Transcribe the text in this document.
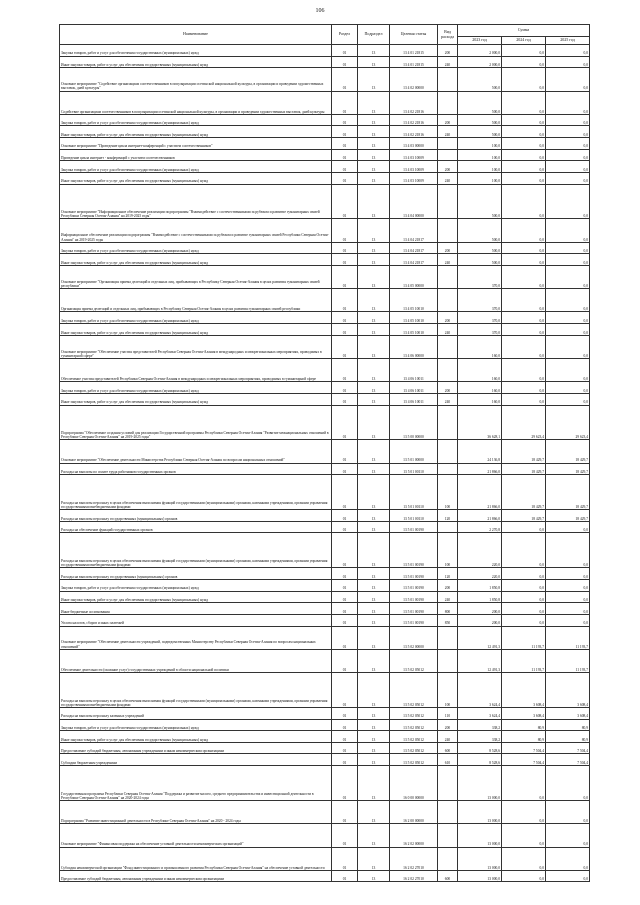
106
Наименование	Раздел	Подраздел	Целевая статья	Вид расхода	Сумма		
					2023 год	2024 год	2025 год
Закупка товаров, работ и услуг для обеспечения государственных (муниципальных) нужд	01	13	13 4 01 21815	200	2 000,0	0,0	0,0
Иные закупки товаров, работ и услуг для обеспечения государственных (муниципальных) нужд	01	13	13 4 01 21815	240	2 000,0	0,0	0,0
Основное мероприятие "Содействие организациям соотечественников в популяризации осетинской национальной культуры, в организации и проведении художественных выставок, дней культуры"	01	13	13 4 02 00000		500,0	0,0	0,0
Содействие организациям соотечественников в популяризации осетинской национальной культуры, в организации и проведении художественных выставок, дней культуры	01	13	13 4 02 21816		500,0	0,0	0,0
Закупка товаров, работ и услуг для обеспечения государственных (муниципальных) нужд	01	13	13 4 02 21816	200	500,0	0,0	0,0
Иные закупки товаров, работ и услуг для обеспечения государственных (муниципальных) нужд	01	13	13 4 02 21816	240	500,0	0,0	0,0
Основное мероприятие "Проведение цикла интернет-конференций с участием соотечественников"	01	13	13 4 03 00000		100,0	0,0	0,0
Проведение цикла интернет - конференций с участием соотечественников	01	13	13 4 03 10009		100,0	0,0	0,0
Закупка товаров, работ и услуг для обеспечения государственных (муниципальных) нужд	01	13	13 4 03 10009	200	100,0	0,0	0,0
Иные закупки товаров, работ и услуг для обеспечения государственных (муниципальных) нужд	01	13	13 4 03 10009	240	100,0	0,0	0,0
Основное мероприятие "Информационное обеспечение реализации подпрограммы "Взаимодействие с соотечественниками за рубежом и развитие гуманитарных связей Республики Северная Осетия-Алания" на 2019-2025 годы"	01	13	13 4 04 00000		500,0	0,0	0,0
Информационное обеспечение реализации подпрограммы "Взаимодействие с соотечественниками за рубежом и развитие гуманитарных связей Республики Северная Осетия-Алания" на 2019-2025 годы	01	13	13 4 04 21817		500,0	0,0	0,0
Закупка товаров, работ и услуг для обеспечения государственных (муниципальных) нужд	01	13	13 4 04 21817	200	500,0	0,0	0,0
Иные закупки товаров, работ и услуг для обеспечения государственных (муниципальных) нужд	01	13	13 4 04 21817	240	500,0	0,0	0,0
Основное мероприятие "Организация приема делегаций и отдельных лиц, прибывающих в Республику Северная Осетия-Алания в целях развития гуманитарных связей республики"	01	13	13 4 05 00000		370,0	0,0	0,0
Организация приема делегаций и отдельных лиц, прибывающих в Республику Северная Осетия-Алания в целях развития гуманитарных связей республики	01	13	13 4 05 10010		370,0	0,0	0,0
Закупка товаров, работ и услуг для обеспечения государственных (муниципальных) нужд	01	13	13 4 05 10010	200	370,0	0,0	0,0
Иные закупки товаров, работ и услуг для обеспечения государственных (муниципальных) нужд	01	13	13 4 05 10010	240	370,0	0,0	0,0
Основное мероприятие "Обеспечение участия представителей Республики Северная Осетия-Алания в международных и межрегиональных мероприятиях, проводимых в гуманитарной сфере"	01	13	13 4 06 00000		160,0	0,0	0,0
Обеспечение участия представителей Республики Северная Осетия-Алания в международных и межрегиональных мероприятиях, проводимых в гуманитарной сфере	01	13	13 4 06 10011		160,0	0,0	0,0
Закупка товаров, работ и услуг для обеспечения государственных (муниципальных) нужд	01	13	13 4 06 10011	200	160,0	0,0	0,0
Иные закупки товаров, работ и услуг для обеспечения государственных (муниципальных) нужд	01	13	13 4 06 10011	240	160,0	0,0	0,0
Подпрограмма "Обеспечение создания условий для реализации Государственной программы Республики Северная Осетия-Алания "Развитие межнациональных отношений в Республике Северная Осетия-Алания" на 2019-2025 годы"	01	13	13 5 00 00000		36 628,1	29 623,4	29 623,4
Основное мероприятие "Обеспечение деятельности Министерства Республики Северная Осетия-Алания по вопросам национальных отношений"	01	13	13 5 01 00000		24 136,8	18 429,7	18 429,7
Расходы на выплаты по оплате труда работников государственных органов	01	13	13 5 01 00110		21 866,0	18 429,7	18 429,7
Расходы на выплаты персоналу в целях обеспечения выполнения функций государственными (муниципальными) органами, казенными учреждениями, органами управления государственными внебюджетными фондами	01	13	13 5 01 00110	100	21 866,0	18 429,7	18 429,7
Расходы на выплаты персоналу государственных (муниципальных) органов	01	13	13 5 01 00110	120	21 866,0	18 429,7	18 429,7
Расходы на обеспечение функций государственных органов	01	13	13 5 01 00190		2 270,8	0,0	0,0
Расходы на выплаты персоналу в целях обеспечения выполнения функций государственными (муниципальными) органами, казенными учреждениями, органами управления государственными внебюджетными фондами	01	13	13 5 01 00190	100	220,0	0,0	0,0
Расходы на выплаты персоналу государственных (муниципальных) органов	01	13	13 5 01 00190	120	220,0	0,0	0,0
Закупка товаров, работ и услуг для обеспечения государственных (муниципальных) нужд	01	13	13 5 01 00190	200	1 850,8	0,0	0,0
Иные закупки товаров, работ и услуг для обеспечения государственных (муниципальных) нужд	01	13	13 5 01 00190	240	1 850,8	0,0	0,0
Иные бюджетные ассигнования	01	13	13 5 01 00190	800	200,0	0,0	0,0
Уплата налогов, сборов и иных платежей	01	13	13 5 01 00190	850	200,0	0,0	0,0
Основное мероприятие "Обеспечение деятельности учреждений, подведомственных Министерству Республики Северная Осетия-Алания по вопросам национальных отношений"	01	13	13 5 02 00000		12 491,3	11 193,7	11 193,7
Обеспечение деятельности (оказание услуг) государственных учреждений в области национальной политики	01	13	13 5 02 05012		12 491,3	11 193,7	11 193,7
Расходы на выплаты персоналу в целях обеспечения выполнения функций государственными (муниципальными) органами, казенными учреждениями, органами управления государственными внебюджетными фондами	01	13	13 5 02 05012	100	3 624,4	3 608,4	3 608,4
Расходы на выплаты персоналу казенных учреждений	01	13	13 5 02 05012	110	3 624,4	3 608,4	3 608,4
Закупка товаров, работ и услуг для обеспечения государственных (муниципальных) нужд	01	13	13 5 02 05012	200	338,2	80,9	80,9
Иные закупки товаров, работ и услуг для обеспечения государственных (муниципальных) нужд	01	13	13 5 02 05012	240	338,2	80,9	80,9
Предоставление субсидий бюджетным, автономным учреждениям и иным некоммерческим организациям	01	13	13 5 02 05012	600	8 528,6	7 504,4	7 504,4
Субсидии бюджетным учреждениям	01	13	13 5 02 05012	610	8 528,6	7 504,4	7 504,4
Государственная программа Республики Северная Осетия-Алания "Поддержка и развитие малого, среднего предпринимательства и инвестиционной деятельности в Республике Северная Осетия-Алания" на 2020-2024 годы	01	13	16 0 00 00000		13 000,0	0,0	0,0
Подпрограмма "Развитие инвестиционной деятельности в Республике Северная Осетия-Алания" на 2020 - 2024 годы	01	13	16 2 00 00000		13 000,0	0,0	0,0
Основное мероприятие "Финансовая поддержка на обеспечение уставной деятельности некоммерческих организаций"	01	13	16 2 02 00000		13 000,0	0,0	0,0
Субсидия некоммерческой организации "Фонд инвестиционного и промышленного развития Республики Северная Осетия-Алания" на обеспечение уставной деятельности	01	13	16 2 02 27010		13 000,0	0,0	0,0
Предоставление субсидий бюджетным, автономным учреждениям и иным некоммерческим организациям	01	13	16 2 02 27010	600	13 000,0	0,0	0,0
